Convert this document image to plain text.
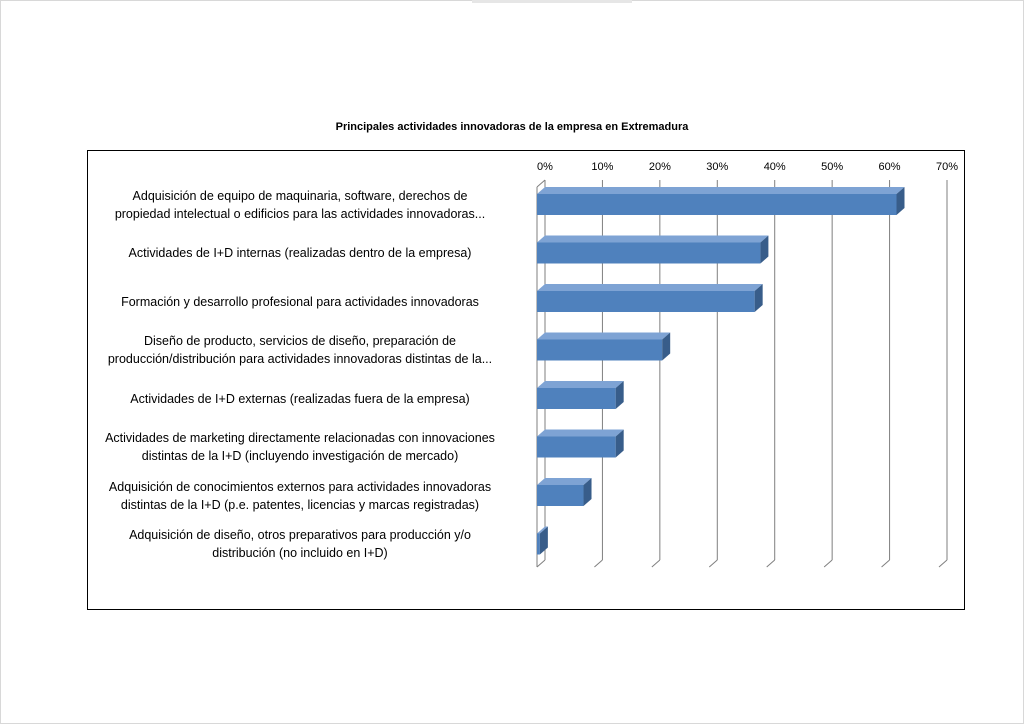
Principales actividades innovadoras de la empresa en Extremadura
Adquisición de equipo de maquinaria, software, derechos de
propiedad intelectual o edificios para las actividades innovadoras...
Actividades de I+D internas (realizadas dentro de la empresa)
Formación y desarrollo profesional para actividades innovadoras
Diseño de producto, servicios de diseño, preparación de
producción/distribución para actividades innovadoras distintas de la...
Actividades de I+D externas (realizadas fuera de la empresa)
Actividades de marketing directamente relacionadas con innovaciones
distintas de la I+D (incluyendo investigación de mercado)
Adquisición de conocimientos externos para actividades innovadoras
distintas de la I+D (p.e. patentes, licencias y marcas registradas)
Adquisición de diseño, otros preparativos para producción y/o
distribución (no incluido en I+D)
0%	10%	20%	30%	40%	50%	60%	70%
